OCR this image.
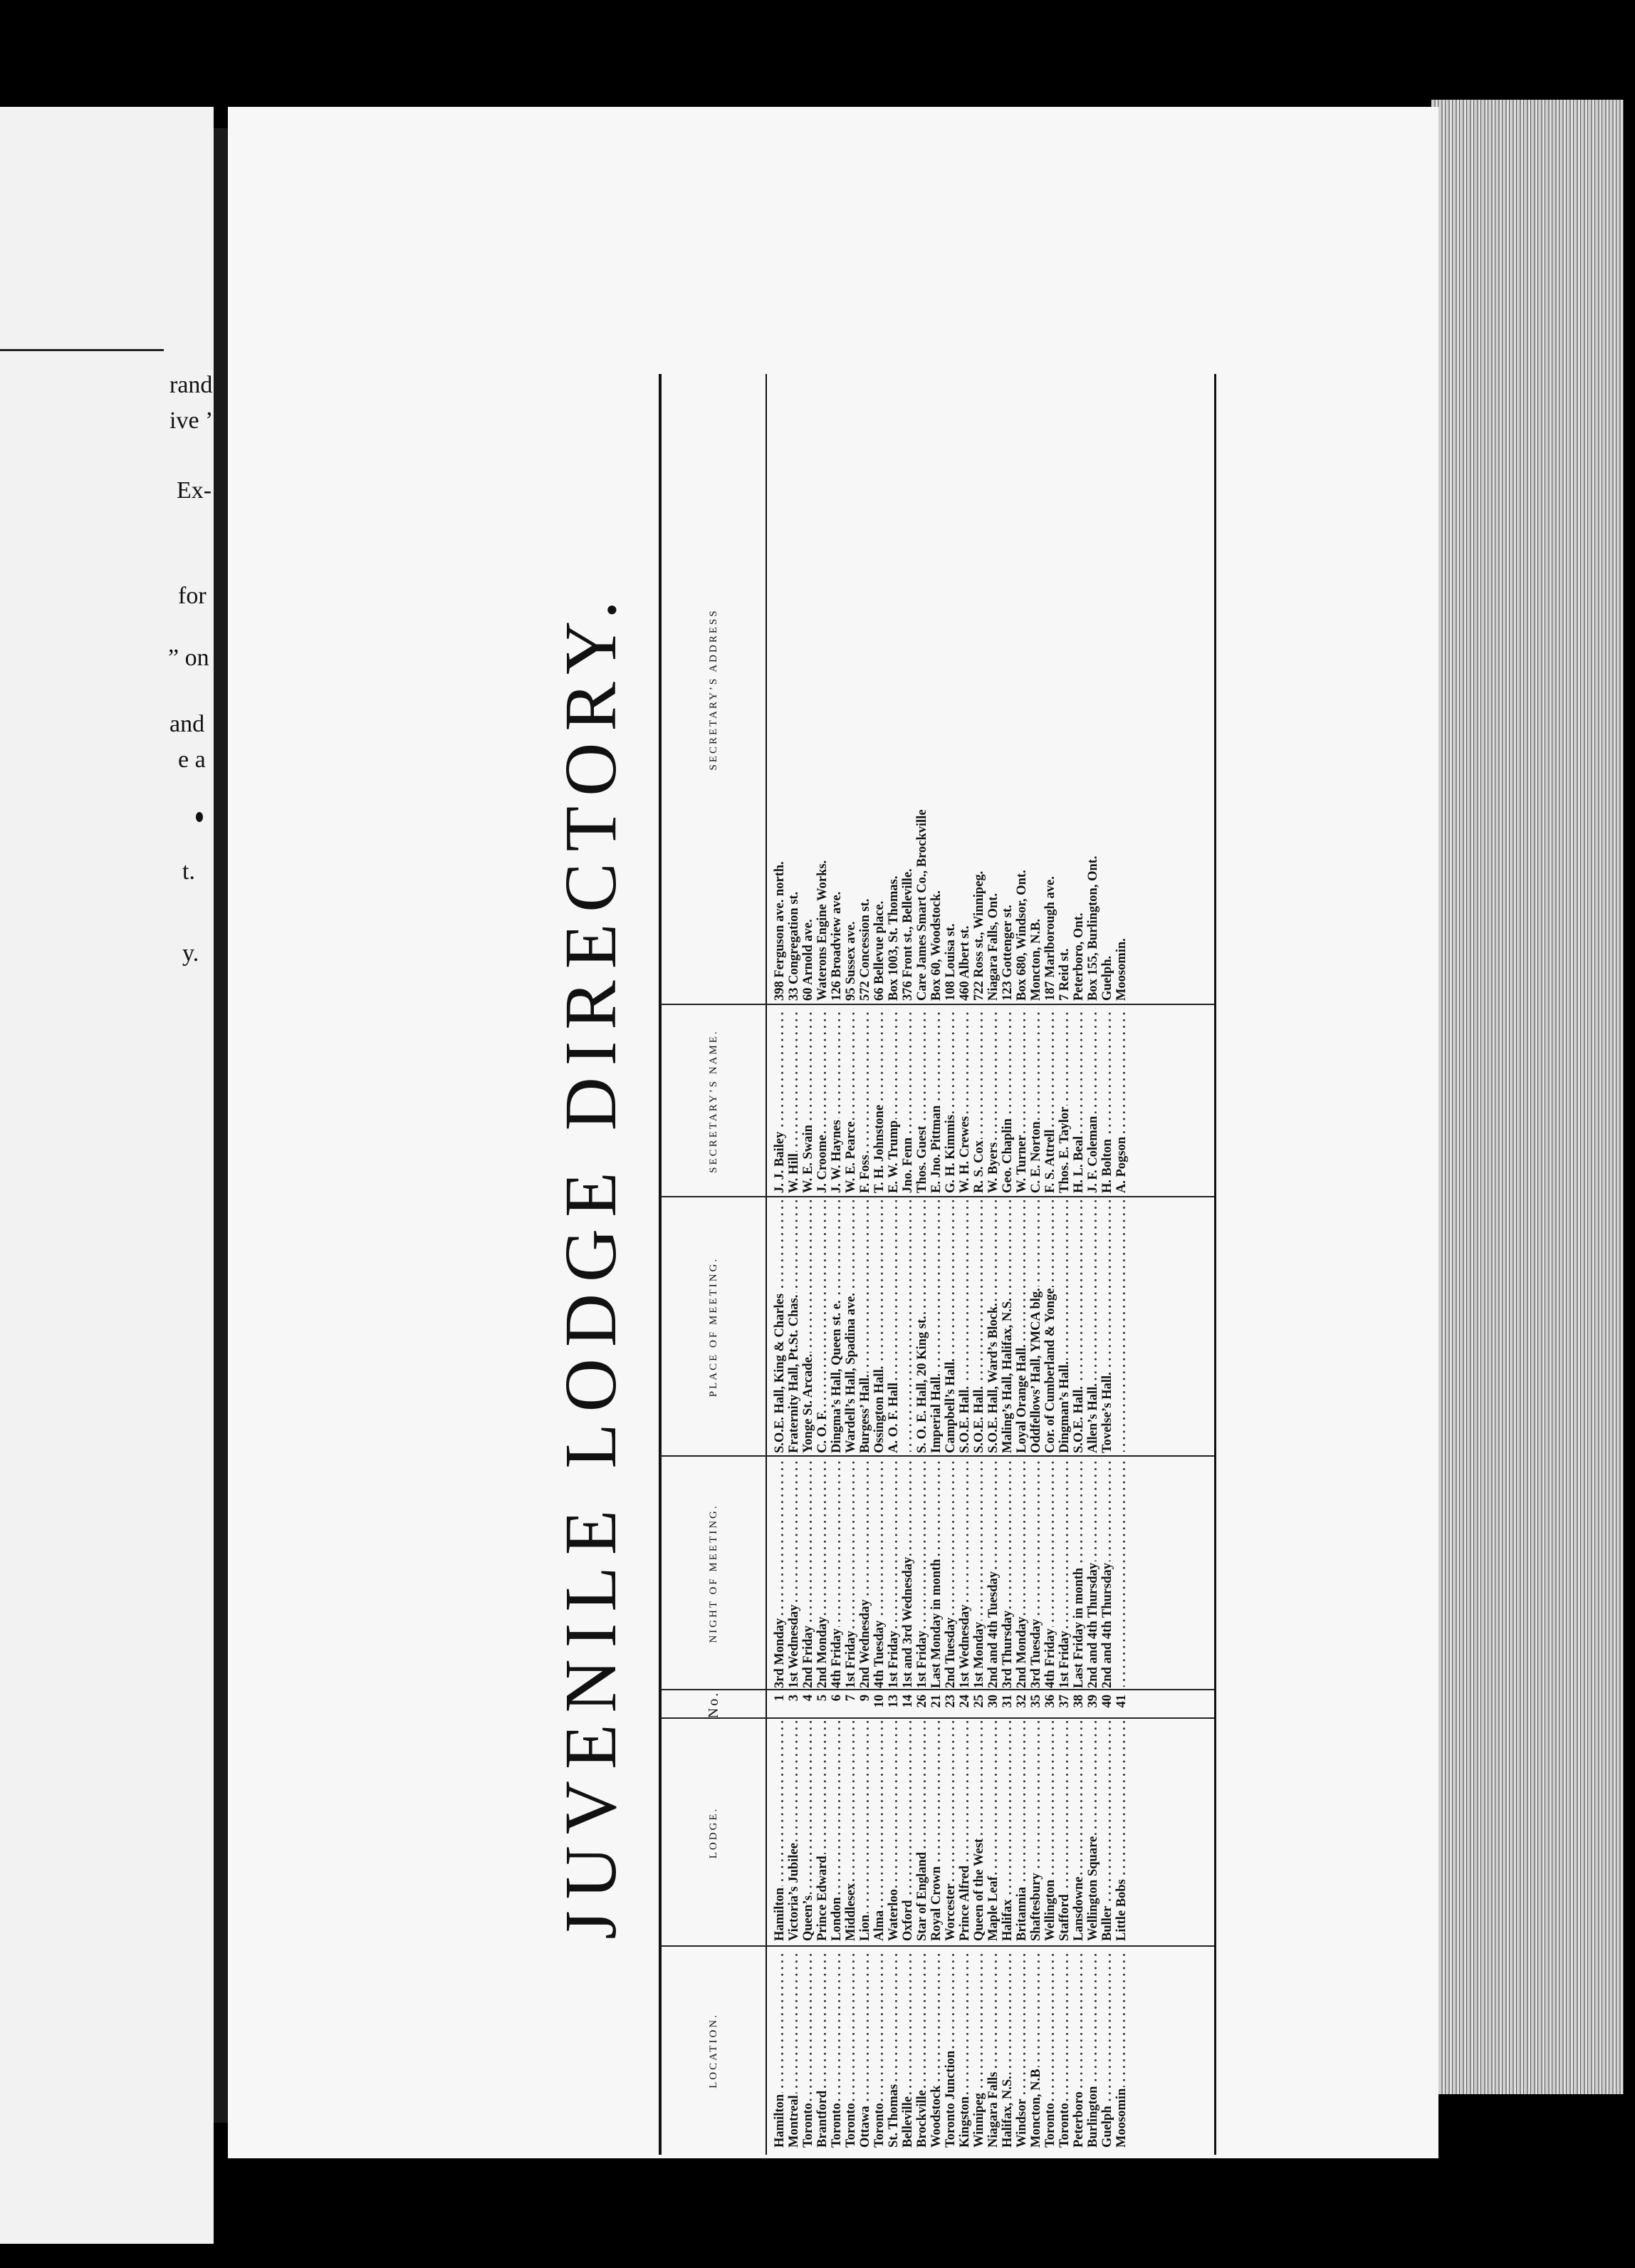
rand
ive ’
Ex-
for
” on
and
e a
t.
y.	JUVENILE LODGE DIRECTORY.
LOCATION.
LODGE.
No.
NIGHT OF MEETING.
PLACE OF MEETING.
SECRETARY’S NAME.
SECRETARY’S ADDRESS
Hamilton . . .
Hamilton . . .
1
3rd Monday . . .
S.O.E. Hall, King & Charles . . .
J. J. Bailey . . .
398 Ferguson ave. north.
Montreal . . .
Victoria’s Jubilee . . .
3
1st Wednesday . . .
Fraternity Hall, Pt.St. Chas. . . .
W. Hill . . .
33 Congregation st.
Toronto . . .
Queen’s . . .
4
2nd Friday . . .
Yonge St. Arcade. . . .
W. E. Swain . . .
60 Arnold ave.
Brantford . . .
Prince Edward . . .
5
2nd Monday . . .
C. O. F. . . .
J. Croome . . .
Waterons Engine Works.
Toronto . . .
London . . .
6
4th Friday . . .
Dingma’s Hall, Queen st. e. . . .
J. W. Haynes . . .
126 Broadview ave.
Toronto . . .
Middlesex . . .
7
1st Friday . . .
Wardell’s Hall, Spadina ave. . . .
W. E. Pearce . . .
95 Sussex ave.
Ottawa . . .
Lion . . .
9
2nd Wednesday . . .
Burgess’ Hall. . . .
F. Foss . . .
572 Concession st.
Toronto . . .
Alma . . .
10
4th Tuesday . . .
Ossington Hall. . . .
T. H. Johnstone . . .
66 Bellevue place.
St. Thomas . . .
Waterloo . . .
13
1st Friday . . .
A. O. F. Hall . . .
E. W. Trump . . .
Box 1003, St. Thomas.
Belleville . . .
Oxford . . .
14
1st and 3rd Wednesday . . .
. . .
Jno. Fenn . . .
376 Front st., Belleville.
Brockville . . .
Star of England . . .
26
1st Friday . . .
S. O. E. Hall, 20 King st. . . .
Thos. Guest . . .
Care James Smart Co., Brockville
Woodstock . . .
Royal Crown . . .
21
Last Monday in month . . .
Imperial Hall. . . .
E. Jno. Pittman . . .
Box 60, Woodstock.
Toronto Junction . . .
Worcester . . .
23
2nd Tuesday . . .
Campbell’s Hall. . . .
G. H. Kimmis . . .
108 Louisa st.
Kingston . . .
Prince Alfred . . .
24
1st Wednesday . . .
S.O.E. Hall. . . .
W. H. Crewes . . .
460 Albert st.
Winnipeg . . .
Queen of the West . . .
25
1st Monday . . .
S.O.E. Hall. . . .
R. S. Cox . . .
722 Ross st., Winnipeg.
Niagara Falls . . .
Maple Leaf . . .
30
2nd and 4th Tuesday . . .
S.O.E. Hall, Ward’s Block. . . .
W. Byers . . .
Niagara Falls, Ont.
Halifax, N.S. . . .
Halifax . . .
31
3rd Thursday . . .
Maling’s Hall, Halifax, N.S. . . .
Geo. Chaplin . . .
123 Gottenger st.
Windsor . . .
Britannia . . .
32
2nd Monday . . .
Loyal Orange Hall. . . .
W. Turner . . .
Box 680, Windsor, Ont.
Moncton, N.B . . .
Shaftesbury . . .
35
3rd Tuesday . . .
Oddfellows’ Hall, YMCA blg. . . .
C. E. Norton . . .
Moncton, N.B.
Toronto . . .
Wellington . . .
36
4th Friday . . .
Cor. of Cumberland & Yonge . . .
F. S. Attrell . . .
187 Marlborough ave.
Toronto . . .
Stafford . . .
37
1st Friday . . .
Dingman’s Hall. . . .
Thos. E. Taylor . . .
7 Reid st.
Peterboro . . .
Lansdowne . . .
38
Last Friday in month . . .
S.O.E. Hall. . . .
H. L. Beal . . .
Peterboro, Ont.
Burlington . . .
Wellington Square . . .
39
2nd and 4th Thursday . . .
Allen’s Hall. . . .
J. F. Coleman . . .
Box 155, Burlington, Ont.
Guelph . . .
Buller . . .
40
2nd and 4th Thursday . . .
Tovelse’s Hall. . . .
H. Bolton . . .
Guelph.
Moosomin . . .
Little Bobs . . .
41
. . .
. . .
A. Pogson . . .
Moosomin.
